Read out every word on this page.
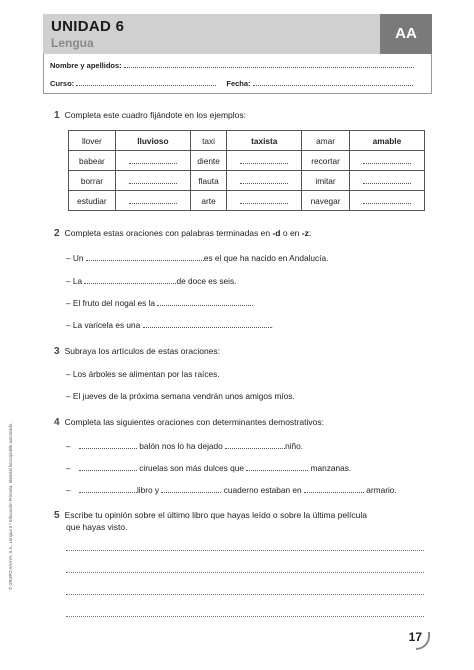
UNIDAD 6
Lengua
AA
Nombre y apellidos:
Curso:	Fecha:
1 Completa este cuadro fijándote en los ejemplos:
llover	lluvioso	taxi	taxista	amar	amable
babear		diente		recortar	
borrar		flauta		imitar	
estudiar		arte		navegar	
2 Completa estas oraciones con palabras terminadas en -d o en -z:
– Un	es el que ha nacido en Andalucía.
– La	de doce es seis.
– El fruto del nogal es la	.
– La varicela es una	.
3 Subraya los artículos de estas oraciones:
– Los árboles se alimentan por las raíces.
– El jueves de la próxima semana vendrán unos amigos míos.
4 Completa las siguientes oraciones con determinantes demostrativos:
–	balón nos lo ha dejado	niño.
–	ciruelas son más dulces que	manzanas.
–	libro y	cuaderno estaban en	armario.
5 Escribe tu opinión sobre el último libro que hayas leído o sobre la última película
que hayas visto.
© GRUPO ANAYA, S.A., Lengua 5.º Educación Primaria. Material fotocopiable autorizado.
17
